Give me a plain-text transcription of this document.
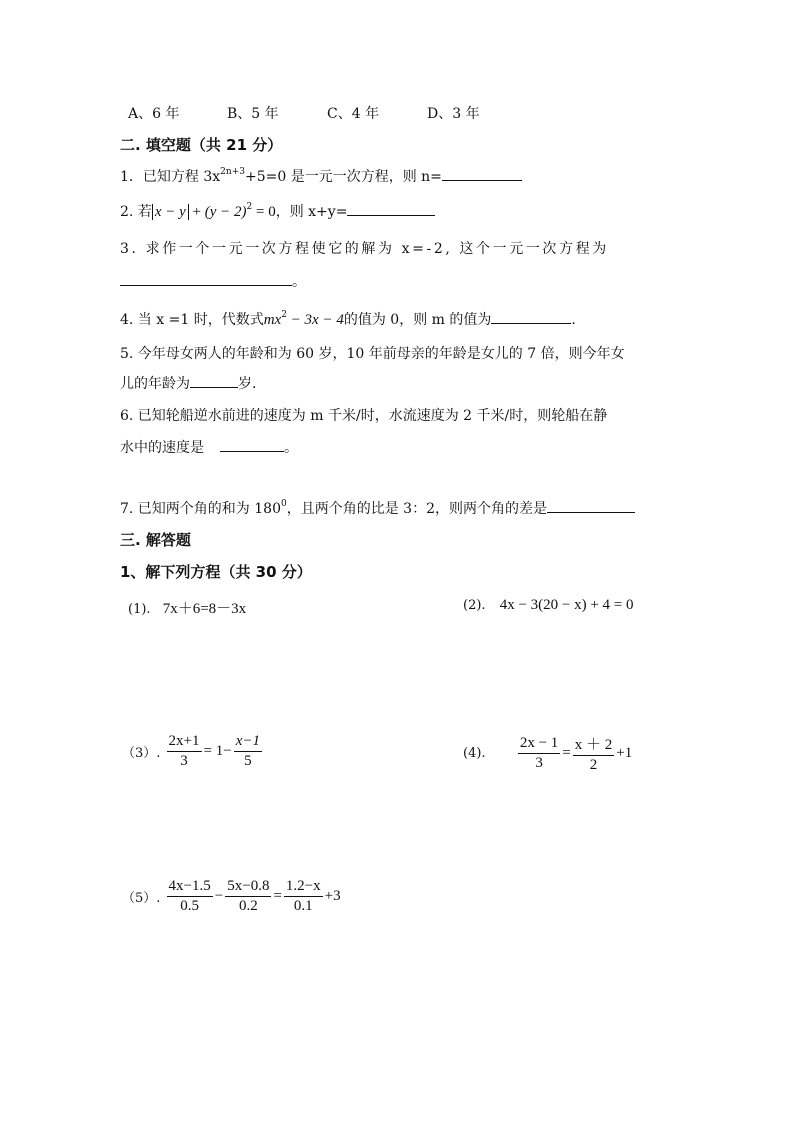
A、6 年	B、5 年	C、4 年	D、3 年
二. 填空题（共 21 分）
1．已知方程 $3x^{2n+3}+5=0$ 是一元一次方程，则 n=
2. 若 $x - y + (y - 2)^2 = 0$，则 x+y=
3. 求作一个一元一次方程使它的解为 x=-2, 这个一元一次方程为
。
4. 当 x =1 时，代数式$mx^2 - 3x - 4$的值为 0，则 m 的值为	.
5. 今年母女两人的年龄和为 60 岁，10 年前母亲的年龄是女儿的 7 倍，则今年女
儿的年龄为	岁.
6. 已知轮船逆水前进的速度为 m 千米/时，水流速度为 2 千米/时，则轮船在静
水中的速度是	。
7. 已知两个角的和为 $180^0$，且两个角的比是 3：2，则两个角的差是
三. 解答题
1、解下列方程（共 30 分）
(1). 7x＋6=8－3x	(2). 4x − 3(20 − x) + 4 = 0
（3）. $\frac{2x+1}{3} = 1- \frac{x-1}{5}$	(4). $\frac{2x - 1}{3} = \frac{x + 2}{2} +1$
（5）. $\frac{4x-1.5}{0.5} - \frac{5x-0.8}{0.2} = \frac{1.2-x}{0.1} +3$
